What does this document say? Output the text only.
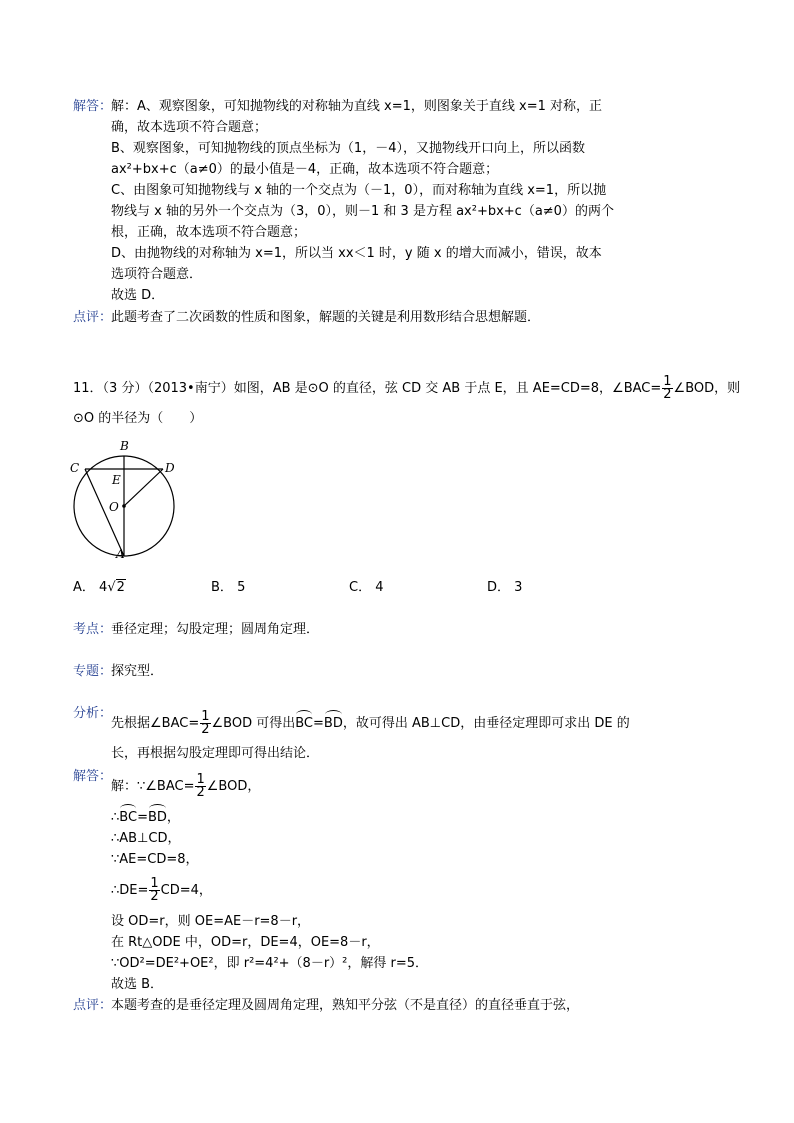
解答：
解：A、观察图象，可知抛物线的对称轴为直线 x=1，则图象关于直线 x=1 对称，正
确，故本选项不符合题意；
B、观察图象，可知抛物线的顶点坐标为（1，－4），又抛物线开口向上，所以函数
ax²+bx+c（a≠0）的最小值是－4，正确，故本选项不符合题意；
C、由图象可知抛物线与 x 轴的一个交点为（－1，0），而对称轴为直线 x=1，所以抛
物线与 x 轴的另外一个交点为（3，0），则－1 和 3 是方程 ax²+bx+c（a≠0）的两个
根，正确，故本选项不符合题意；
D、由抛物线的对称轴为 x=1，所以当 xx＜1 时，y 随 x 的增大而减小，错误，故本
选项符合题意．
故选 D．
点评：
此题考查了二次函数的性质和图象，解题的关键是利用数形结合思想解题．
11．（3 分）（2013•南宁）如图，AB 是⊙O 的直径，弦 CD 交 AB 于点 E，且 AE=CD=8，∠BAC= $\frac{1}{2}$ ∠BOD，则
⊙O 的半径为（　　）
B
C	D
E
O
A
A． 4√2	B． 5	C． 4	D． 3
考点：
垂径定理；勾股定理；圆周角定理．
专题：
探究型．
分析：
先根据∠BAC= $\frac{1}{2}$ ∠BOD 可得出BC=BD，故可得出 AB⊥CD，由垂径定理即可求出 DE 的
长，再根据勾股定理即可得出结论．
解答：
解：∵∠BAC= $\frac{1}{2}$ ∠BOD，
∴BC=BD，
∴AB⊥CD，
∵AE=CD=8，
∴DE= $\frac{1}{2} CD=4$，
设 OD=r，则 OE=AE－r=8－r，
在 Rt△ODE 中，OD=r，DE=4，OE=8－r，
∵OD²=DE²+OE²，即 r²=4²+（8－r）²，解得 r=5．
故选 B．
点评：
本题考查的是垂径定理及圆周角定理，熟知平分弦（不是直径）的直径垂直于弦，
